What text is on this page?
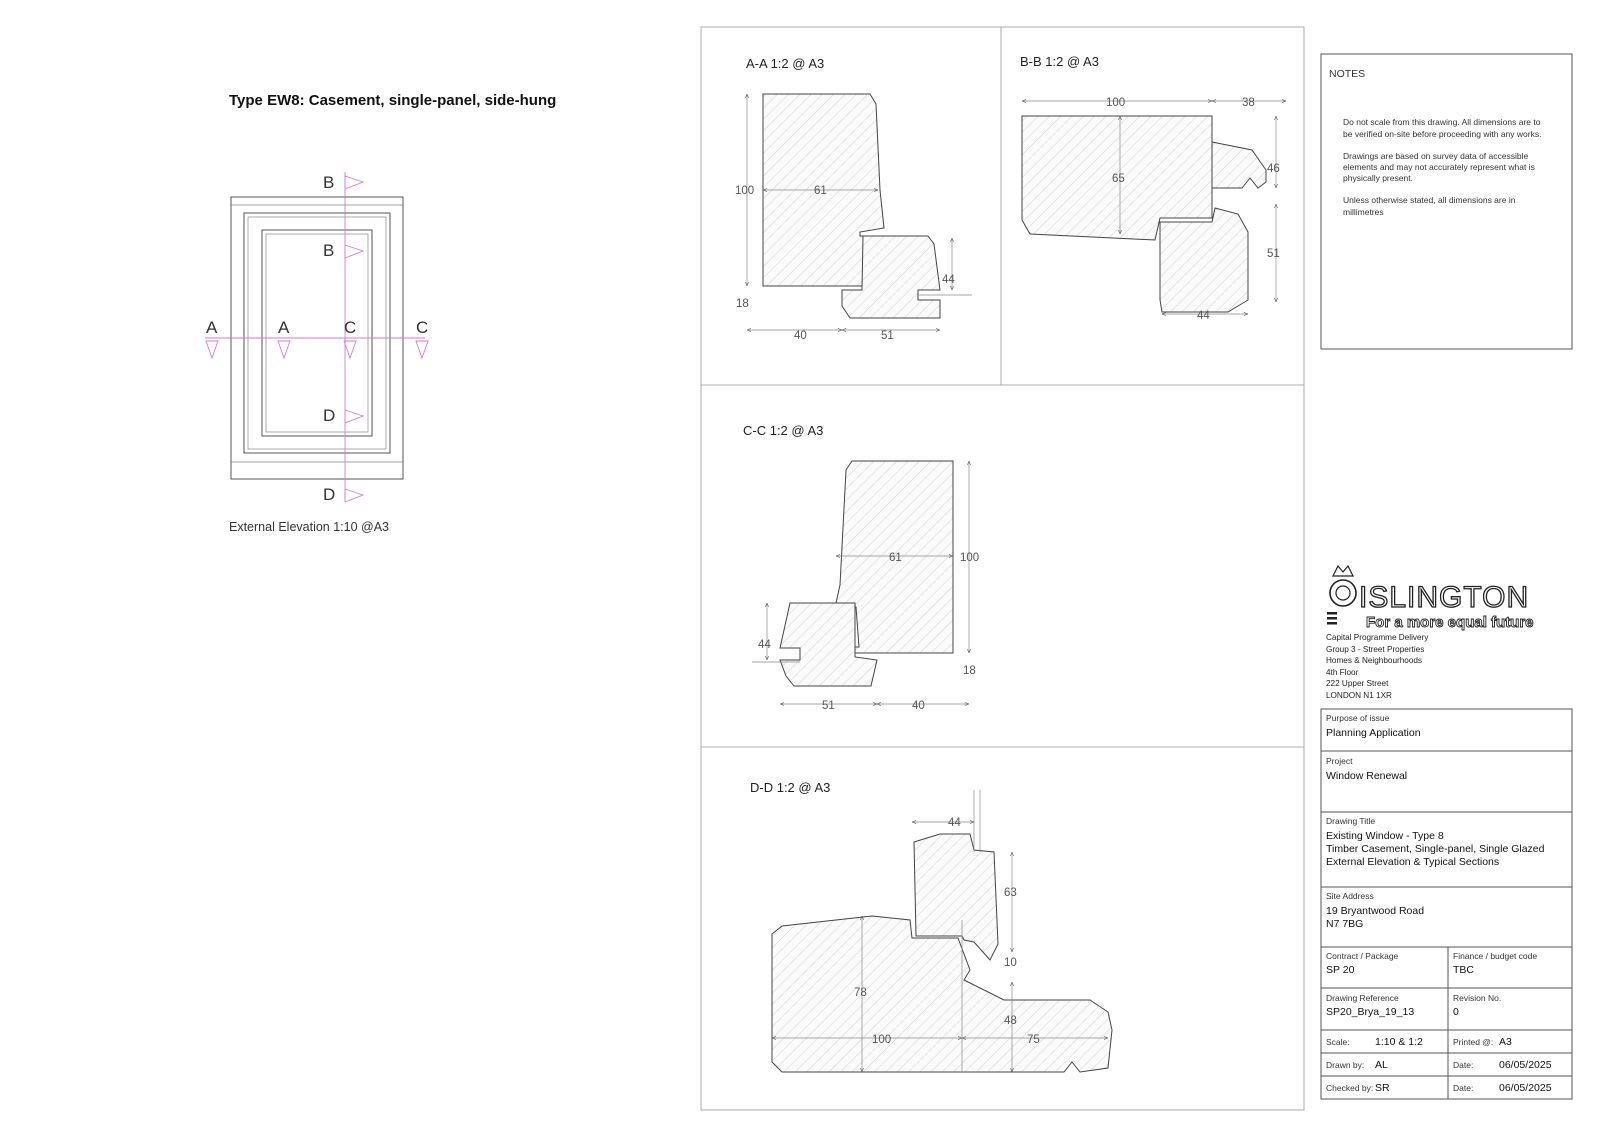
Type EW8: Casement, single-panel, side-hung
B
B
A	A	C	C
D
D
External Elevation 1:10 @A3
A-A 1:2 @ A3
100	61
44
18
40	51
B-B 1:2 @ A3
100	38
65
46
51
44
C-C 1:2 @ A3
61	100
44
18
51	40
D-D 1:2 @ A3
44
63
10
78
48
100	75
NOTES
Do not scale from this drawing. All dimensions are to be verified on-site before proceeding with any works.
Drawings are based on survey data of accessible elements and may not accurately represent what is physically present.
Unless otherwise stated, all dimensions are in millimetres
ISLINGTON
For a more equal future
Capital Programme Delivery Group 3 - Street Properties Homes & Neighbourhoods 4th Floor 222 Upper Street LONDON N1 1XR
Purpose of issue
Planning Application
Project
Window Renewal
Drawing Title
Existing Window - Type 8 Timber Casement, Single-panel, Single Glazed External Elevation & Typical Sections
Site Address
19 Bryantwood Road N7 7BG
Contract / Package
SP 20
Finance / budget code
TBC
Drawing Reference
SP20_Brya_19_13
Revision No.
0
Scale: 1:10 & 1:2	Printed @: A3
Drawn by: AL	Date: 06/05/2025
Checked by: SR	Date: 06/05/2025
